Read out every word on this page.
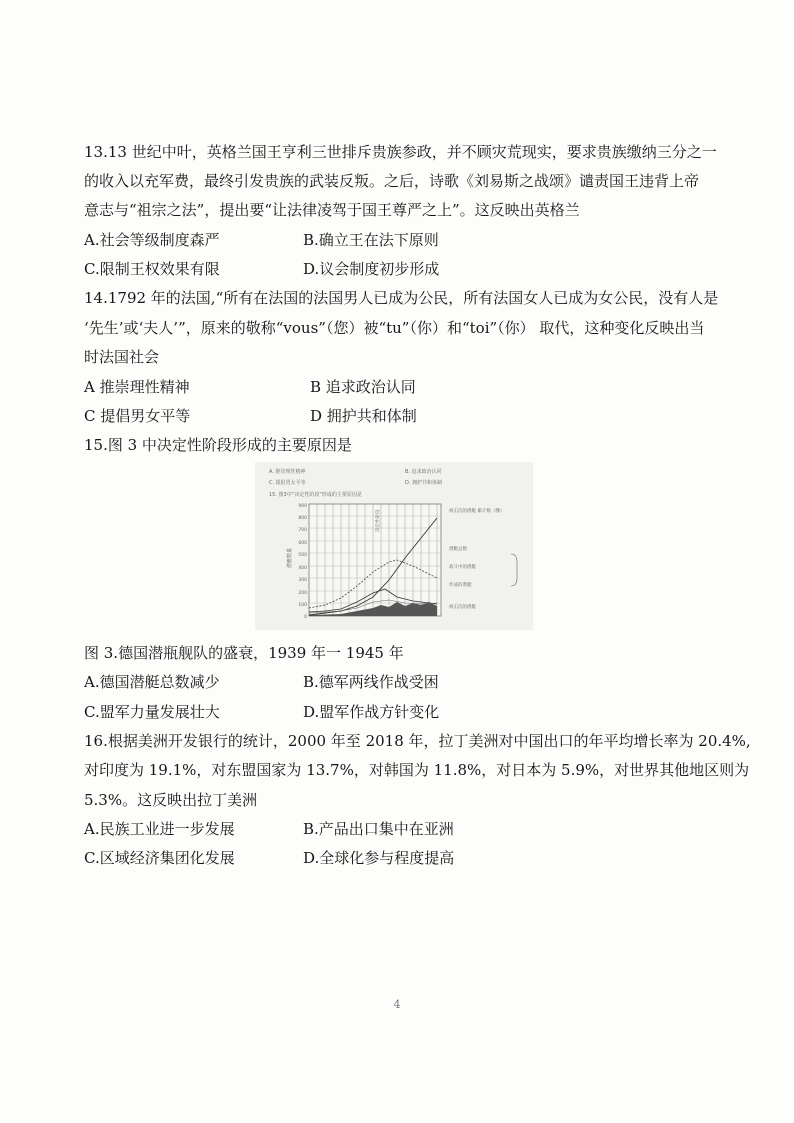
13.13 世纪中叶，英格兰国王亨利三世排斥贵族参政，并不顾灾荒现实，要求贵族缴纳三分之一
的收入以充军费，最终引发贵族的武装反叛。之后，诗歌《刘易斯之战颂》谴责国王违背上帝
意志与“祖宗之法”，提出要“让法律凌驾于国王尊严之上”。这反映出英格兰
A.社会等级制度森严	B.确立王在法下原则
C.限制王权效果有限	D.议会制度初步形成
14.1792 年的法国,“所有在法国的法国男人已成为公民，所有法国女人已成为女公民，没有人是
‘先生’或‘夫人’”，原来的敬称“vous”（您）被“tu”（你）和“toi”（你） 取代，这种变化反映出当
时法国社会
A 推崇理性精神	B 追求政治认同
C 提倡男女平等	D 拥护共和体制
15.图 3 中决定性阶段形成的主要原因是
A. 推崇理性精神	B. 追求政治认同
C. 提倡男女平等	D. 拥护共和体制
15. 图3中“决定性阶段”形成的主要原因是
900
800
700
600
500
400
300
200
100
0
潜艇数量
决定性阶段	被击沉的潜艇 累计数（艘）
潜艇总数
战斗中的潜艇
作战的潜艇
被击沉的潜艇
图 3.德国潜瓶舰队的盛衰，1939 年一 1945 年
A.德国潜艇总数减少	B.德军两线作战受困
C.盟军力量发展壮大	D.盟军作战方针变化
16.根据美洲开发银行的统计，2000 年至 2018 年，拉丁美洲对中国出口的年平均增长率为 20.4%,
对印度为 19.1%，对东盟国家为 13.7%，对韩国为 11.8%，对日本为 5.9%，对世界其他地区则为
5.3%。这反映出拉丁美洲
A.民族工业进一步发展	B.产品出口集中在亚洲
C.区域经济集团化发展	D.全球化参与程度提高
4
